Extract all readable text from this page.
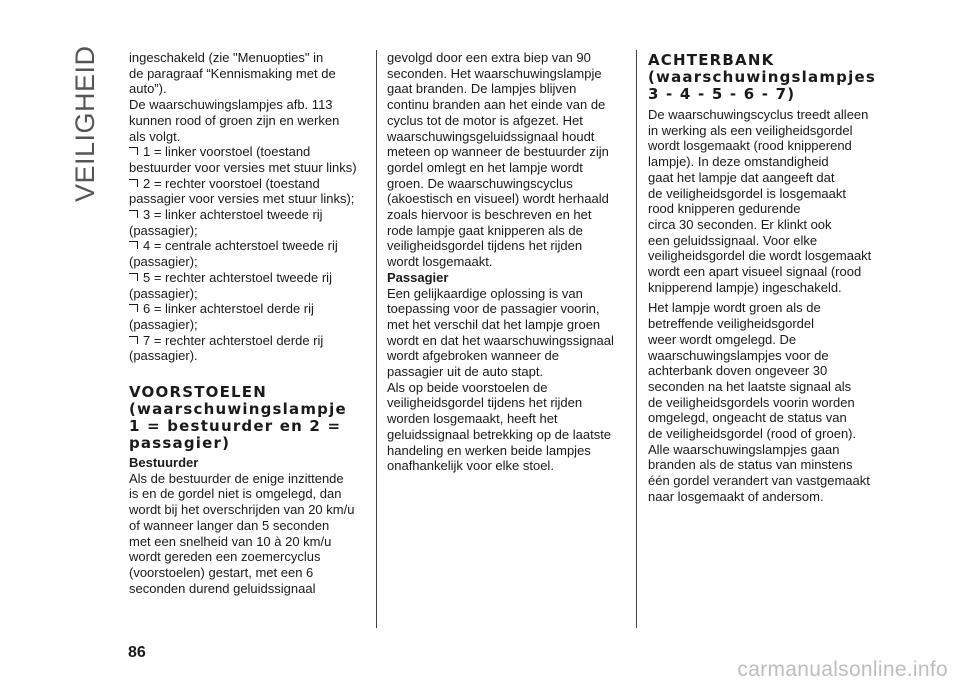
VEILIGHEID ingeschakeld (zie "Menuopties" in
de paragraaf “Kennismaking met de
auto”).
De waarschuwingslampjes afb. 113
kunnen rood of groen zijn en werken
als volgt.
1 = linker voorstoel (toestand
bestuurder voor versies met stuur links)
2 = rechter voorstoel (toestand
passagier voor versies met stuur links);
3 = linker achterstoel tweede rij
(passagier);
4 = centrale achterstoel tweede rij
(passagier);
5 = rechter achterstoel tweede rij
(passagier);
6 = linker achterstoel derde rij
(passagier);
7 = rechter achterstoel derde rij
(passagier).
VOORSTOELEN
(waarschuwingslampje
1 = bestuurder en 2 =
passagier)
Bestuurder
Als de bestuurder de enige inzittende
is en de gordel niet is omgelegd, dan
wordt bij het overschrijden van 20 km/u
of wanneer langer dan 5 seconden
met een snelheid van 10 à 20 km/u
wordt gereden een zoemercyclus
(voorstoelen) gestart, met een 6
seconden durend geluidssignaal
gevolgd door een extra biep van 90
seconden. Het waarschuwingslampje
gaat branden. De lampjes blijven
continu branden aan het einde van de
cyclus tot de motor is afgezet. Het
waarschuwingsgeluidssignaal houdt
meteen op wanneer de bestuurder zijn
gordel omlegt en het lampje wordt
groen. De waarschuwingscyclus
(akoestisch en visueel) wordt herhaald
zoals hiervoor is beschreven en het
rode lampje gaat knipperen als de
veiligheidsgordel tijdens het rijden
wordt losgemaakt.
Passagier
Een gelijkaardige oplossing is van
toepassing voor de passagier voorin,
met het verschil dat het lampje groen
wordt en dat het waarschuwingssignaal
wordt afgebroken wanneer de
passagier uit de auto stapt.
Als op beide voorstoelen de
veiligheidsgordel tijdens het rijden
worden losgemaakt, heeft het
geluidssignaal betrekking op de laatste
handeling en werken beide lampjes
onafhankelijk voor elke stoel.
ACHTERBANK
(waarschuwingslampjes
3 - 4 - 5 - 6 - 7)
De waarschuwingscyclus treedt alleen
in werking als een veiligheidsgordel
wordt losgemaakt (rood knipperend
lampje). In deze omstandigheid
gaat het lampje dat aangeeft dat
de veiligheidsgordel is losgemaakt
rood knipperen gedurende
circa 30 seconden. Er klinkt ook
een geluidssignaal. Voor elke
veiligheidsgordel die wordt losgemaakt
wordt een apart visueel signaal (rood
knipperend lampje) ingeschakeld.
Het lampje wordt groen als de
betreffende veiligheidsgordel
weer wordt omgelegd. De
waarschuwingslampjes voor de
achterbank doven ongeveer 30
seconden na het laatste signaal als
de veiligheidsgordels voorin worden
omgelegd, ongeacht de status van
de veiligheidsgordel (rood of groen).
Alle waarschuwingslampjes gaan
branden als de status van minstens
één gordel verandert van vastgemaakt
naar losgemaakt of andersom.
86
carmanualsonline.info
